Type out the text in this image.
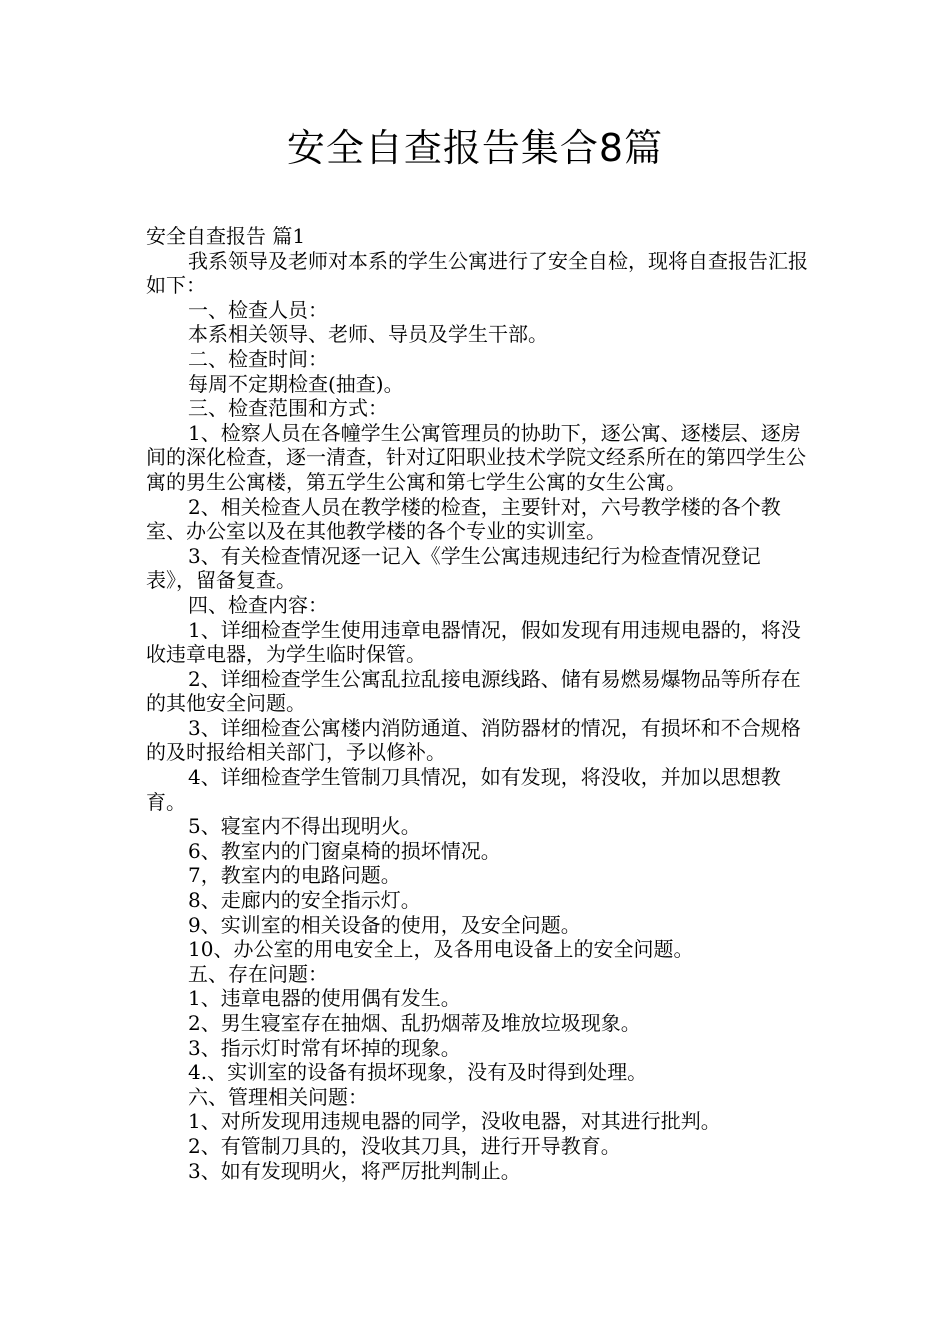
安全自查报告集合8篇

安全自查报告 篇1

我系领导及老师对本系的学生公寓进行了安全自检，现将自查报告汇报如下：

一、检查人员：

本系相关领导、老师、导员及学生干部。

二、检查时间：

每周不定期检查(抽查)。

三、检查范围和方式：

1、检察人员在各幢学生公寓管理员的协助下，逐公寓、逐楼层、逐房间的深化检查，逐一清查，针对辽阳职业技术学院文经系所在的第四学生公寓的男生公寓楼，第五学生公寓和第七学生公寓的女生公寓。

2、相关检查人员在教学楼的检查，主要针对，六号教学楼的各个教室、办公室以及在其他教学楼的各个专业的实训室。

3、有关检查情况逐一记入《学生公寓违规违纪行为检查情况登记表》，留备复查。

四、检查内容：

1、详细检查学生使用违章电器情况，假如发现有用违规电器的，将没收违章电器，为学生临时保管。

2、详细检查学生公寓乱拉乱接电源线路、储有易燃易爆物品等所存在的其他安全问题。

3、详细检查公寓楼内消防通道、消防器材的情况，有损坏和不合规格的及时报给相关部门，予以修补。

4、详细检查学生管制刀具情况，如有发现，将没收，并加以思想教育。

5、寝室内不得出现明火。

6、教室内的门窗桌椅的损坏情况。

7，教室内的电路问题。

8、走廊内的安全指示灯。

9、实训室的相关设备的使用，及安全问题。

10、办公室的用电安全上，及各用电设备上的安全问题。

五、存在问题：

1、违章电器的使用偶有发生。

2、男生寝室存在抽烟、乱扔烟蒂及堆放垃圾现象。

3、指示灯时常有坏掉的现象。

4.、实训室的设备有损坏现象，没有及时得到处理。

六、管理相关问题：

1、对所发现用违规电器的同学，没收电器，对其进行批判。

2、有管制刀具的，没收其刀具，进行开导教育。

3、如有发现明火，将严厉批判制止。
